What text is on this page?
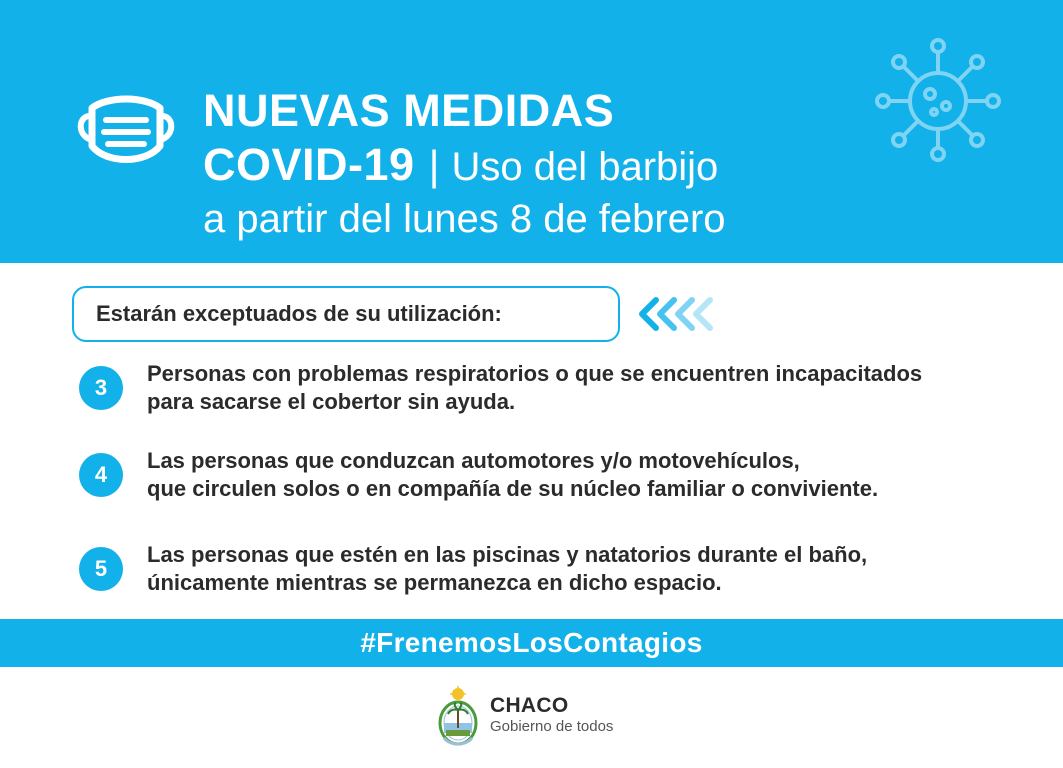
NUEVAS MEDIDAS
COVID-19 | Uso del barbijo
a partir del lunes 8 de febrero
Estarán exceptuados de su utilización:
3

Personas con problemas respiratorios o que se encuentren incapacitados
para sacarse el cobertor sin ayuda.

4

Las personas que conduzcan automotores y/o motovehículos,
que circulen solos o en compañía de su núcleo familiar o conviviente.

5

Las personas que estén en las piscinas y natatorios durante el baño,
únicamente mientras se permanezca en dicho espacio.

#FrenemosLosContagios
CHACO
Gobierno de todos
